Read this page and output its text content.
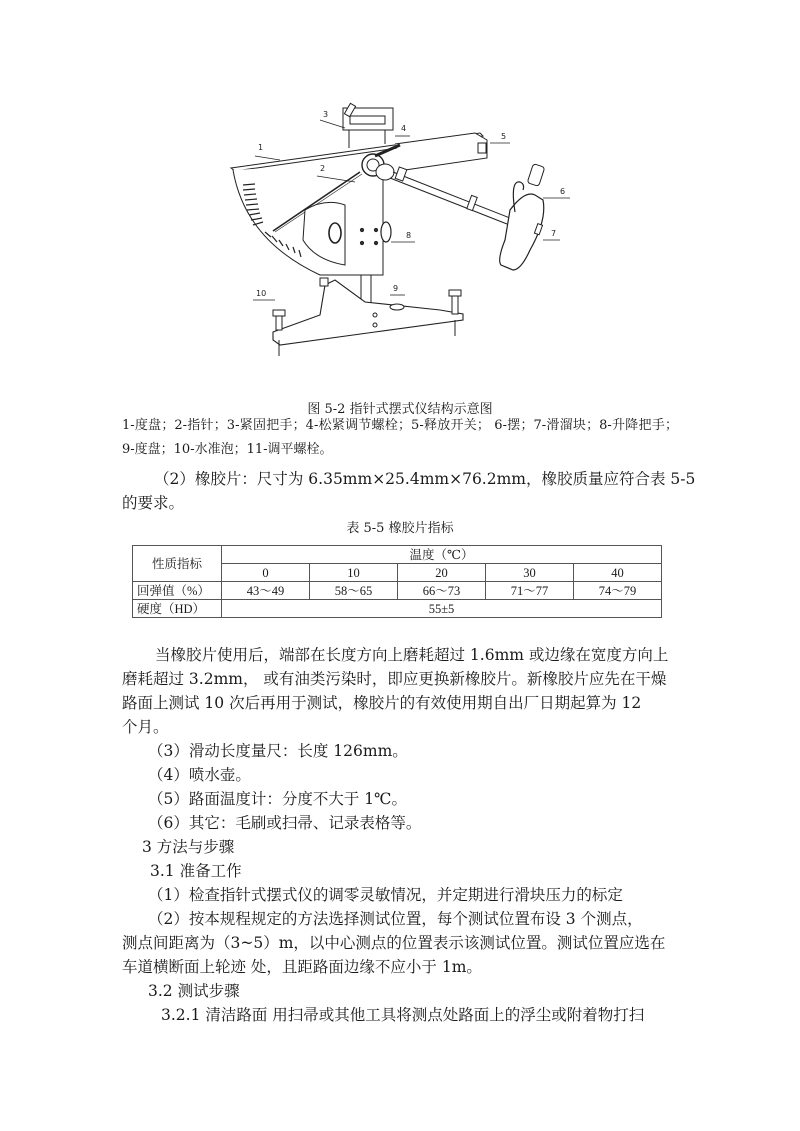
1
2
3
4
5
6
7
8
9
10
图 5-2 指针式摆式仪结构示意图
1-度盘；2-指针；3-紧固把手；4-松紧调节螺栓；5-释放开关； 6-摆；7-滑溜块；8-升降把手；9-度盘；10-水准泡；11-调平螺栓。
（2）橡胶片：尺寸为 6.35mm×25.4mm×76.2mm，橡胶质量应符合表 5-5
的要求。
表 5-5 橡胶片指标
性质指标	温度（℃）				
	0	10	20	30	40
回弹值（%）	43～49	58～65	66～73	71～77	74～79
硬度（HD）	55±5				
当橡胶片使用后，端部在长度方向上磨耗超过 1.6mm 或边缘在宽度方向上
磨耗超过 3.2mm， 或有油类污染时，即应更换新橡胶片。新橡胶片应先在干燥
路面上测试 10 次后再用于测试，橡胶片的有效使用期自出厂日期起算为 12
个月。
（3）滑动长度量尺：长度 126mm。
（4）喷水壶。
（5）路面温度计：分度不大于 1℃。
（6）其它：毛刷或扫帚、记录表格等。
3 方法与步骤
3.1 准备工作
（1）检查指针式摆式仪的调零灵敏情况，并定期进行滑块压力的标定
（2）按本规程规定的方法选择测试位置，每个测试位置布设 3 个测点，
测点间距离为（3~5）m，以中心测点的位置表示该测试位置。测试位置应选在
车道横断面上轮迹 处，且距路面边缘不应小于 1m。
3.2 测试步骤
3.2.1 清洁路面 用扫帚或其他工具将测点处路面上的浮尘或附着物打扫
